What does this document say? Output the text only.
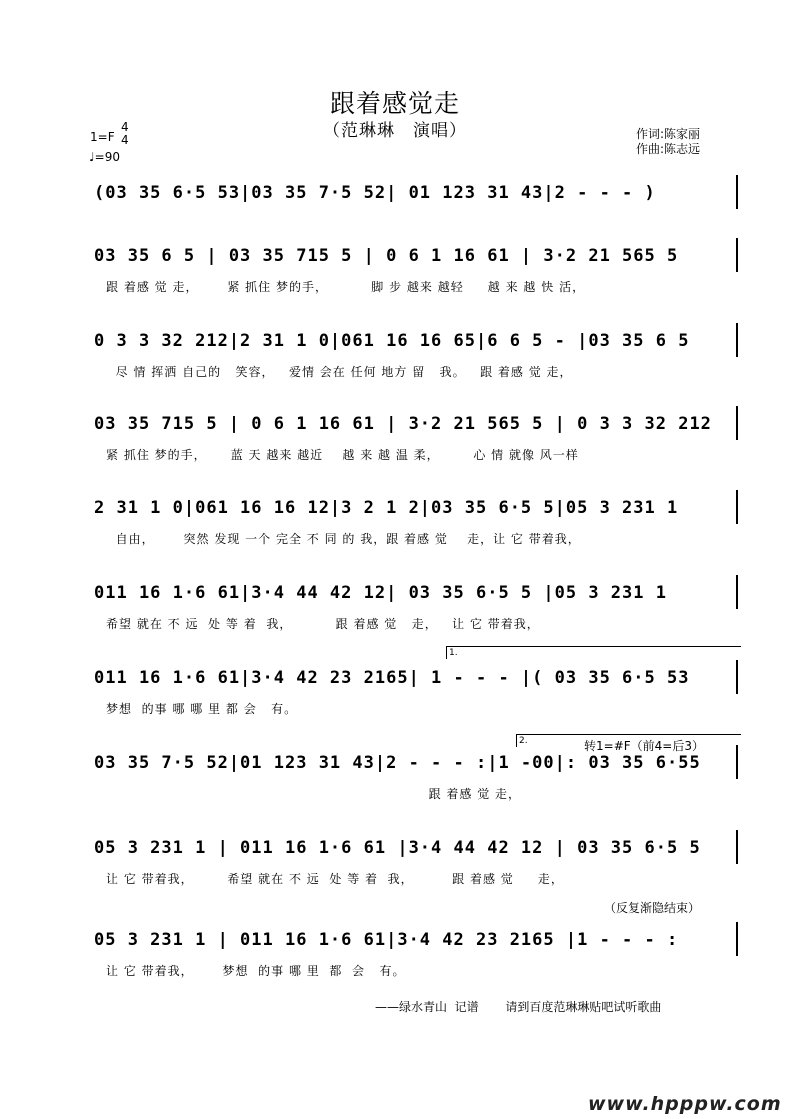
跟着感觉走
（范琳琳　演唱）
1=F
4
4
♩=90
作词:陈家丽
作曲:陈志远
(03 35 6·5 53|03 35 7·5 52| 01 123 31 43|2 - - - )
03 35 6 5 | 03 35 715 5 | 0 6 1 16 61 | 3·2 21 565 5
跟 着感 觉 走，      紧 抓住 梦的手，         脚 步 越来 越轻     越 来 越 快 活，
0 3 3 32 212|2 31 1 0|061 16 16 65|6 6 5 - |03 35 6 5
尽 情 挥洒 自己的   笑容，   爱情 会在 任何 地方 留   我。   跟 着感 觉 走，
03 35 715 5 | 0 6 1 16 61 | 3·2 21 565 5 | 0 3 3 32 212
紧 抓住 梦的手，     蓝 天 越来 越近    越 来 越 温 柔，       心 情 就像 风一样
2 31 1 0|061 16 16 12|3 2 1 2|03 35 6·5 5|05 3 231 1
自由，      突然 发现 一个 完全 不 同 的 我，跟 着感 觉    走，让 它 带着我，
011 16 1·6 61|3·4 44 42 12| 03 35 6·5 5 |05 3 231 1
希望 就在 不 远  处 等 着  我，         跟 着感 觉   走，   让 它 带着我，
011 16 1·6 61|3·4 42 23 2165| 1 - - - |( 03 35 6·5 53
梦想  的事 哪 哪 里 都 会   有。
03 35 7·5 52|01 123 31 43|2 - - - :|1 -00|: 03 35 6·55
跟 着感 觉 走，
05 3 231 1 | 011 16 1·6 61 |3·4 44 42 12 | 03 35 6·5 5
让 它 带着我，       希望 就在 不 远  处 等 着  我，        跟 着感 觉     走，
05 3 231 1 | 011 16 1·6 61|3·4 42 23 2165 |1 - - - :
让 它 带着我，      梦想  的事 哪 里  都  会   有。
1.
2.	转1=#F（前4=后3）
（反复渐隐结束）
——绿水青山  记谱       请到百度范琳琳贴吧试听歌曲
www.hpppw.com
